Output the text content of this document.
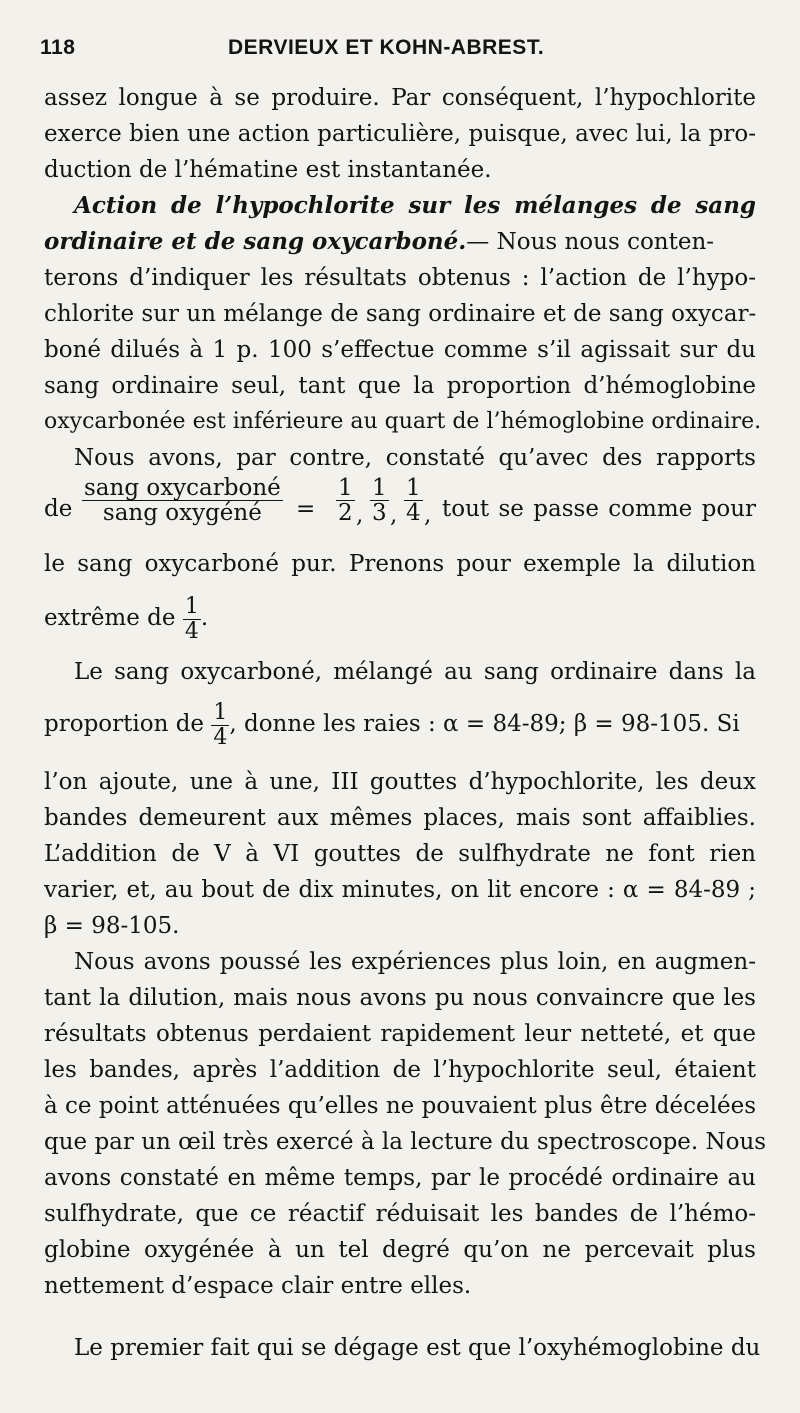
118	DERVIEUX ET KOHN-ABREST.
assez longue à se produire. Par conséquent, l’hypochlorite
exerce bien une action particulière, puisque, avec lui, la pro-
duction de l’hématine est instantanée.
Action de l’hypochlorite sur les mélanges de sang
ordinaire et de sang oxycarboné.— Nous nous conten-
terons d’indiquer les résultats obtenus : l’action de l’hypo-
chlorite sur un mélange de sang ordinaire et de sang oxycar-
boné dilués à 1 p. 100 s’effectue comme s’il agissait sur du
sang ordinaire seul, tant que la proportion d’hémoglobine
oxycarbonée est inférieure au quart de l’hémoglobine ordinaire.
Nous avons, par contre, constaté qu’avec des rapports
de
sang oxycarboné
sang oxygéné	= $\frac{1}{2}$ , $\frac{1}{3}$ , $\frac{1}{4}$ , tout se passe comme pour
le sang oxycarboné pur. Prenons pour exemple la dilution
extrême de $\frac{1}{4}$ .
Le sang oxycarboné, mélangé au sang ordinaire dans la
proportion de $\frac{1}{4}$ , donne les raies : α = 84-89; β = 98-105. Si
l’on ajoute, une à une, III gouttes d’hypochlorite, les deux
bandes demeurent aux mêmes places, mais sont affaiblies.
L’addition de V à VI gouttes de sulfhydrate ne font rien
varier, et, au bout de dix minutes, on lit encore : α = 84-89 ;
β = 98-105.
Nous avons poussé les expériences plus loin, en augmen-
tant la dilution, mais nous avons pu nous convaincre que les
résultats obtenus perdaient rapidement leur netteté, et que
les bandes, après l’addition de l’hypochlorite seul, étaient
à ce point atténuées qu’elles ne pouvaient plus être décelées
que par un œil très exercé à la lecture du spectroscope. Nous
avons constaté en même temps, par le procédé ordinaire au
sulfhydrate, que ce réactif réduisait les bandes de l’hémo-
globine oxygénée à un tel degré qu’on ne percevait plus
nettement d’espace clair entre elles.
Le premier fait qui se dégage est que l’oxyhémoglobine du
